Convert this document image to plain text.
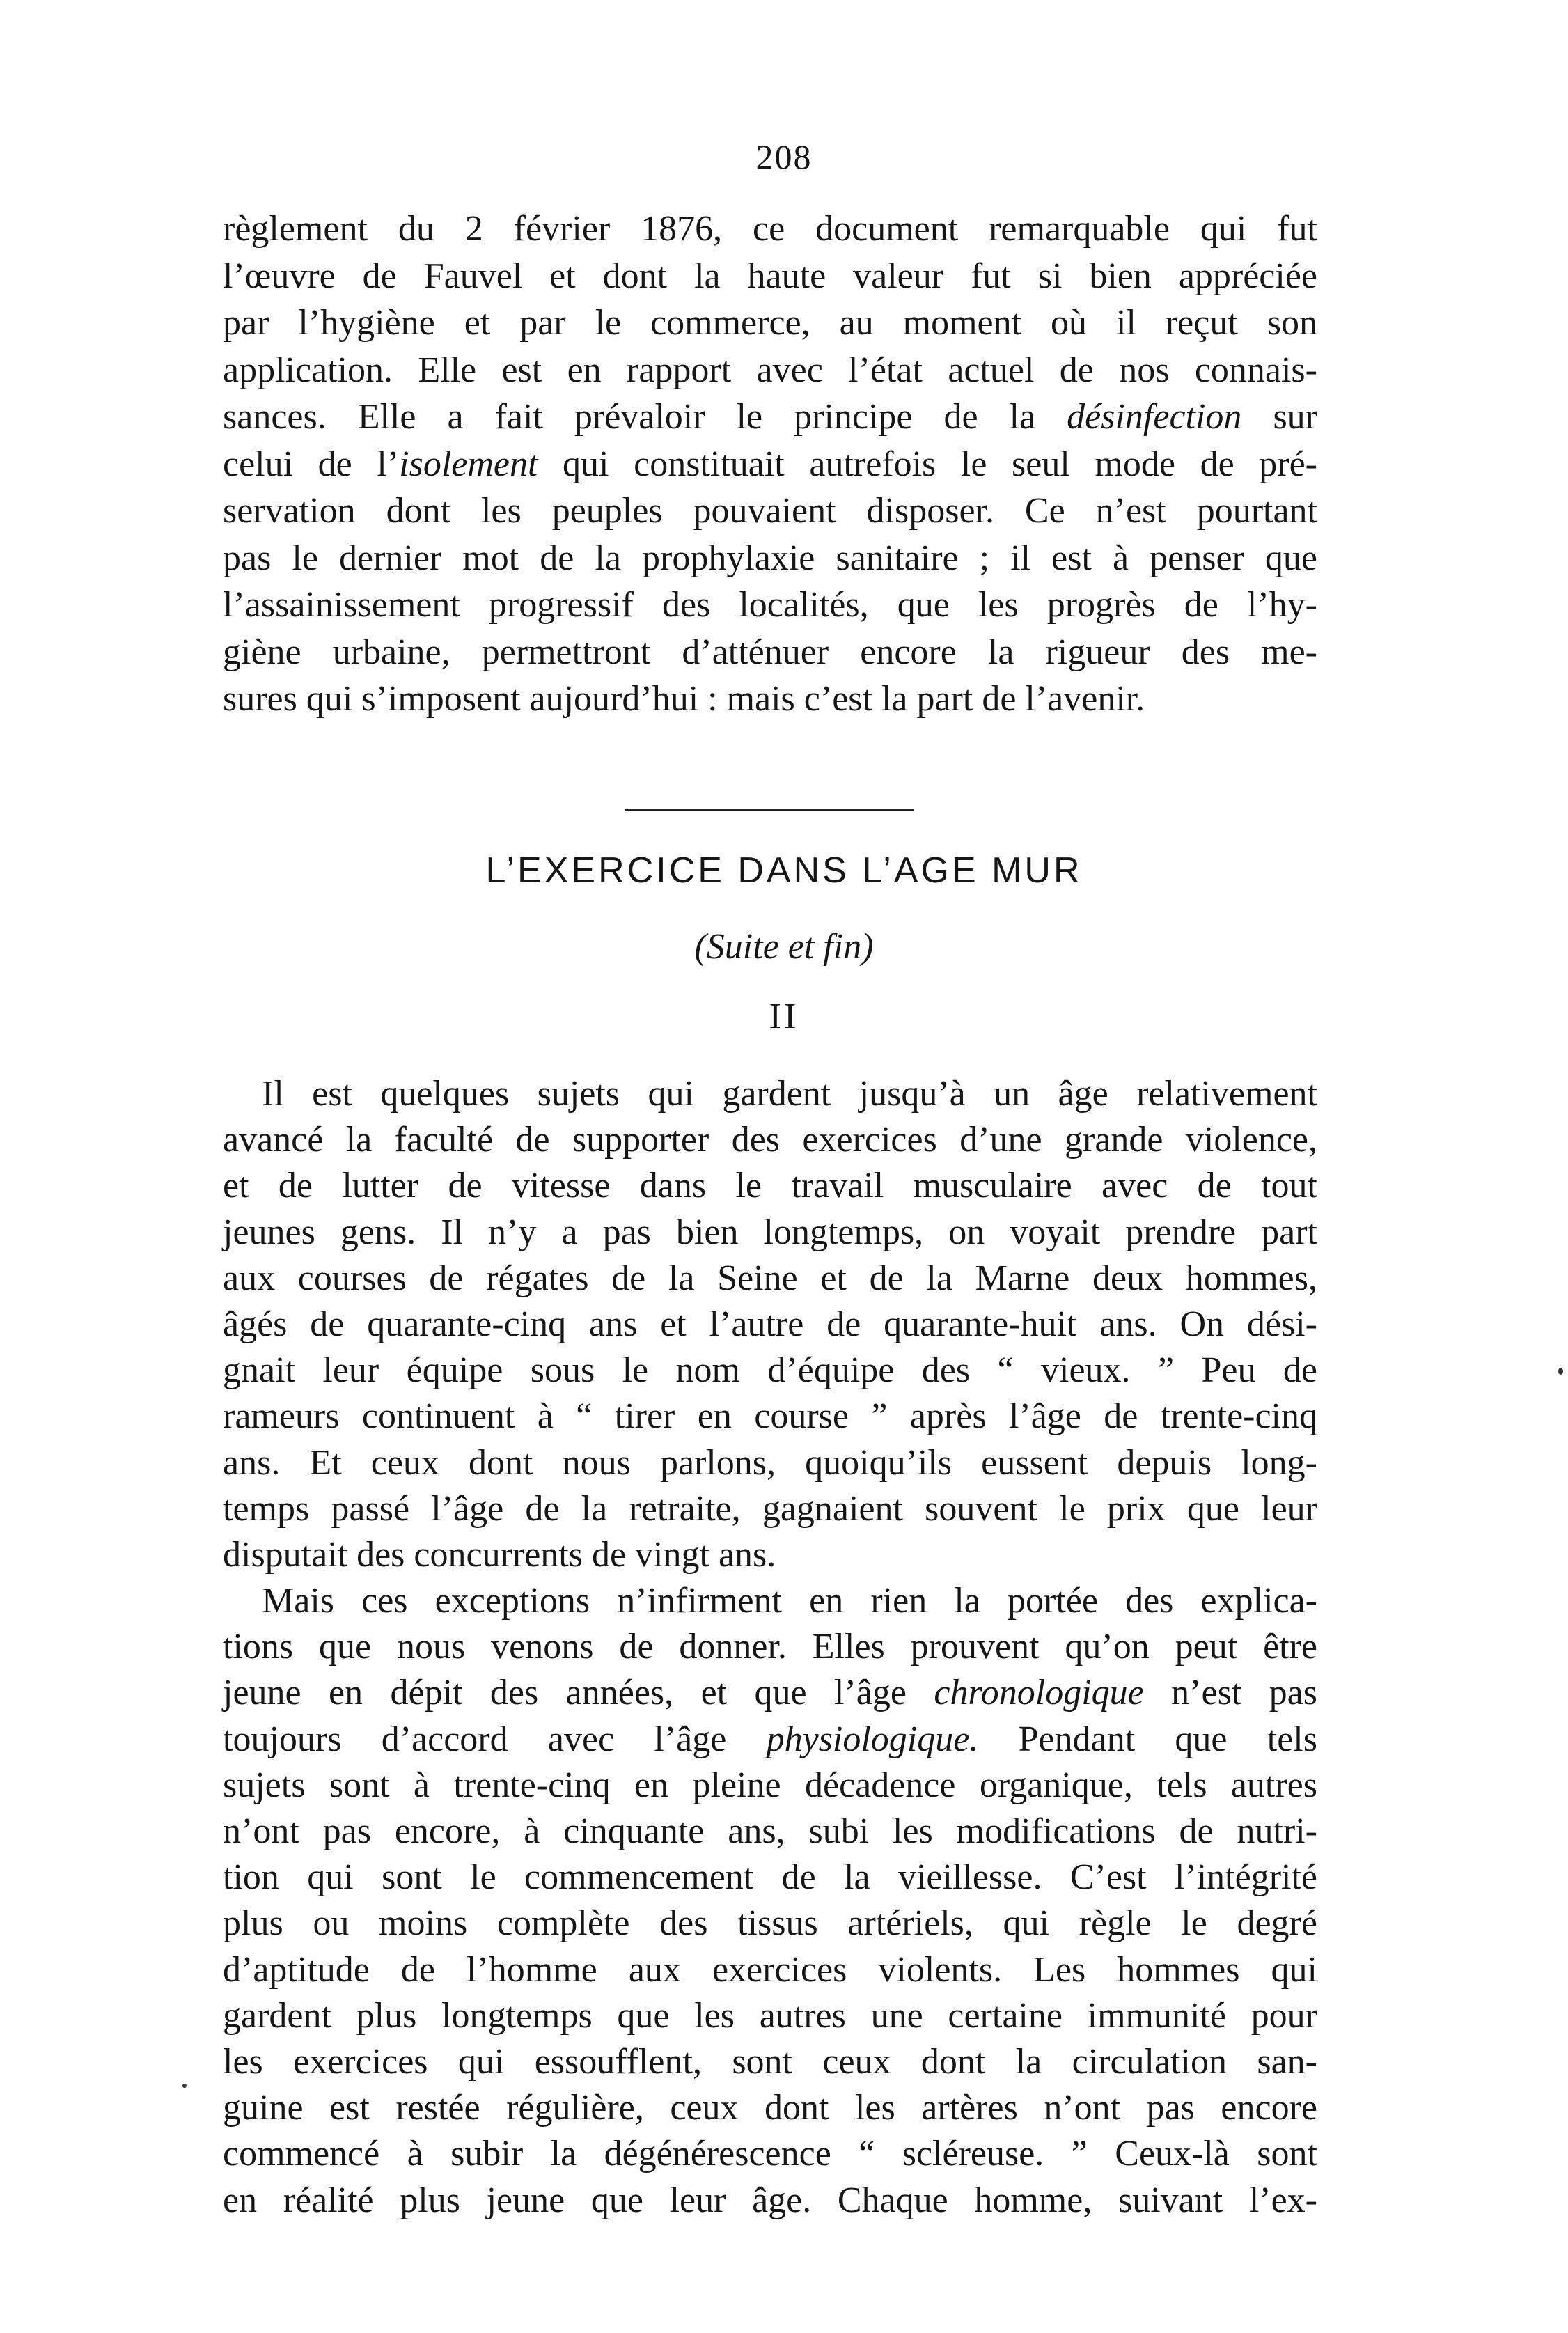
208
règlement du 2 février 1876, ce document remarquable qui fut
l’œuvre de Fauvel et dont la haute valeur fut si bien appréciée
par l’hygiène et par le commerce, au moment où il reçut son
application. Elle est en rapport avec l’état actuel de nos connais-
sances. Elle a fait prévaloir le principe de la désinfection sur
celui de l’isolement qui constituait autrefois le seul mode de pré-
servation dont les peuples pouvaient disposer. Ce n’est pourtant
pas le dernier mot de la prophylaxie sanitaire ; il est à penser que
l’assainissement progressif des localités, que les progrès de l’hy-
giène urbaine, permettront d’atténuer encore la rigueur des me-
sures qui s’imposent aujourd’hui : mais c’est la part de l’avenir.
L’EXERCICE DANS L’AGE MUR
(Suite et fin)
II
Il est quelques sujets qui gardent jusqu’à un âge relativement
avancé la faculté de supporter des exercices d’une grande violence,
et de lutter de vitesse dans le travail musculaire avec de tout
jeunes gens. Il n’y a pas bien longtemps, on voyait prendre part
aux courses de régates de la Seine et de la Marne deux hommes,
âgés de quarante-cinq ans et l’autre de quarante-huit ans. On dési-
gnait leur équipe sous le nom d’équipe des “ vieux. ” Peu de
rameurs continuent à “ tirer en course ” après l’âge de trente-cinq
ans. Et ceux dont nous parlons, quoiqu’ils eussent depuis long-
temps passé l’âge de la retraite, gagnaient souvent le prix que leur
disputait des concurrents de vingt ans.
Mais ces exceptions n’infirment en rien la portée des explica-
tions que nous venons de donner. Elles prouvent qu’on peut être
jeune en dépit des années, et que l’âge chronologique n’est pas
toujours d’accord avec l’âge physiologique. Pendant que tels
sujets sont à trente-cinq en pleine décadence organique, tels autres
n’ont pas encore, à cinquante ans, subi les modifications de nutri-
tion qui sont le commencement de la vieillesse. C’est l’intégrité
plus ou moins complète des tissus artériels, qui règle le degré
d’aptitude de l’homme aux exercices violents. Les hommes qui
gardent plus longtemps que les autres une certaine immunité pour
les exercices qui essoufflent, sont ceux dont la circulation san-
guine est restée régulière, ceux dont les artères n’ont pas encore
commencé à subir la dégénérescence “ scléreuse. ” Ceux-là sont
en réalité plus jeune que leur âge. Chaque homme, suivant l’ex-
